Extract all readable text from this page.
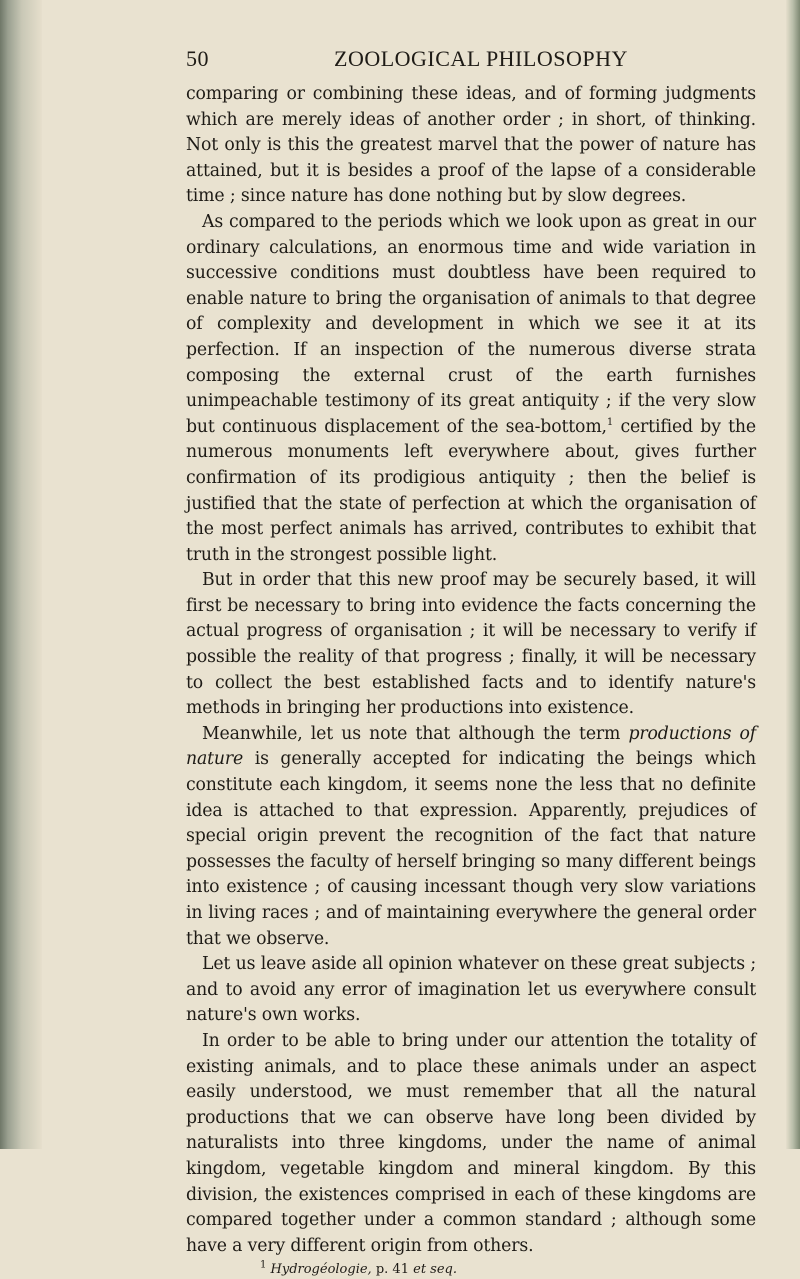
50	ZOOLOGICAL PHILOSOPHY

comparing or combining these ideas, and of forming judgments which are merely ideas of another order ; in short, of thinking. Not only is this the greatest marvel that the power of nature has attained, but it is besides a proof of the lapse of a considerable time ; since nature has done nothing but by slow degrees.

As compared to the periods which we look upon as great in our ordinary calculations, an enormous time and wide variation in successive conditions must doubtless have been required to enable nature to bring the organisation of animals to that degree of complexity and development in which we see it at its perfection. If an inspection of the numerous diverse strata composing the external crust of the earth furnishes unimpeachable testimony of its great antiquity ; if the very slow but continuous displacement of the sea-bottom,$^1$ certified by the numerous monuments left everywhere about, gives further confirmation of its prodigious antiquity ; then the belief is justified that the state of perfection at which the organisation of the most perfect animals has arrived, contributes to exhibit that truth in the strongest possible light.

But in order that this new proof may be securely based, it will first be necessary to bring into evidence the facts concerning the actual progress of organisation ; it will be necessary to verify if possible the reality of that progress ; finally, it will be necessary to collect the best established facts and to identify nature's methods in bringing her productions into existence.

Meanwhile, let us note that although the term productions of nature is generally accepted for indicating the beings which constitute each kingdom, it seems none the less that no definite idea is attached to that expression. Apparently, prejudices of special origin prevent the recognition of the fact that nature possesses the faculty of herself bringing so many different beings into existence ; of causing incessant though very slow variations in living races ; and of maintaining everywhere the general order that we observe.

Let us leave aside all opinion whatever on these great subjects ; and to avoid any error of imagination let us everywhere consult nature's own works.

In order to be able to bring under our attention the totality of existing animals, and to place these animals under an aspect easily understood, we must remember that all the natural productions that we can observe have long been divided by naturalists into three kingdoms, under the name of animal kingdom, vegetable kingdom and mineral kingdom. By this division, the existences comprised in each of these kingdoms are compared together under a common standard ; although some have a very different origin from others.

$^1$ Hydrogéologie, p. 41 et seq.
